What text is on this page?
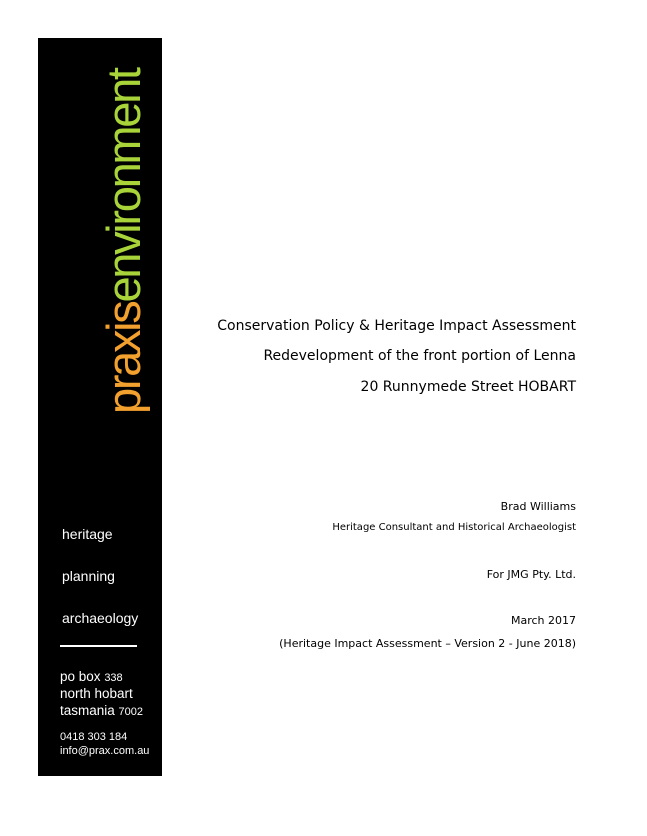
praxisenvironment
heritage
planning
archaeology
po box 338
north hobart
tasmania 7002
0418 303 184
info@prax.com.au
Conservation Policy & Heritage Impact Assessment
Redevelopment of the front portion of Lenna
20 Runnymede Street HOBART
Brad Williams
Heritage Consultant and Historical Archaeologist
For JMG Pty. Ltd.
March 2017
(Heritage Impact Assessment – Version 2 - June 2018)
